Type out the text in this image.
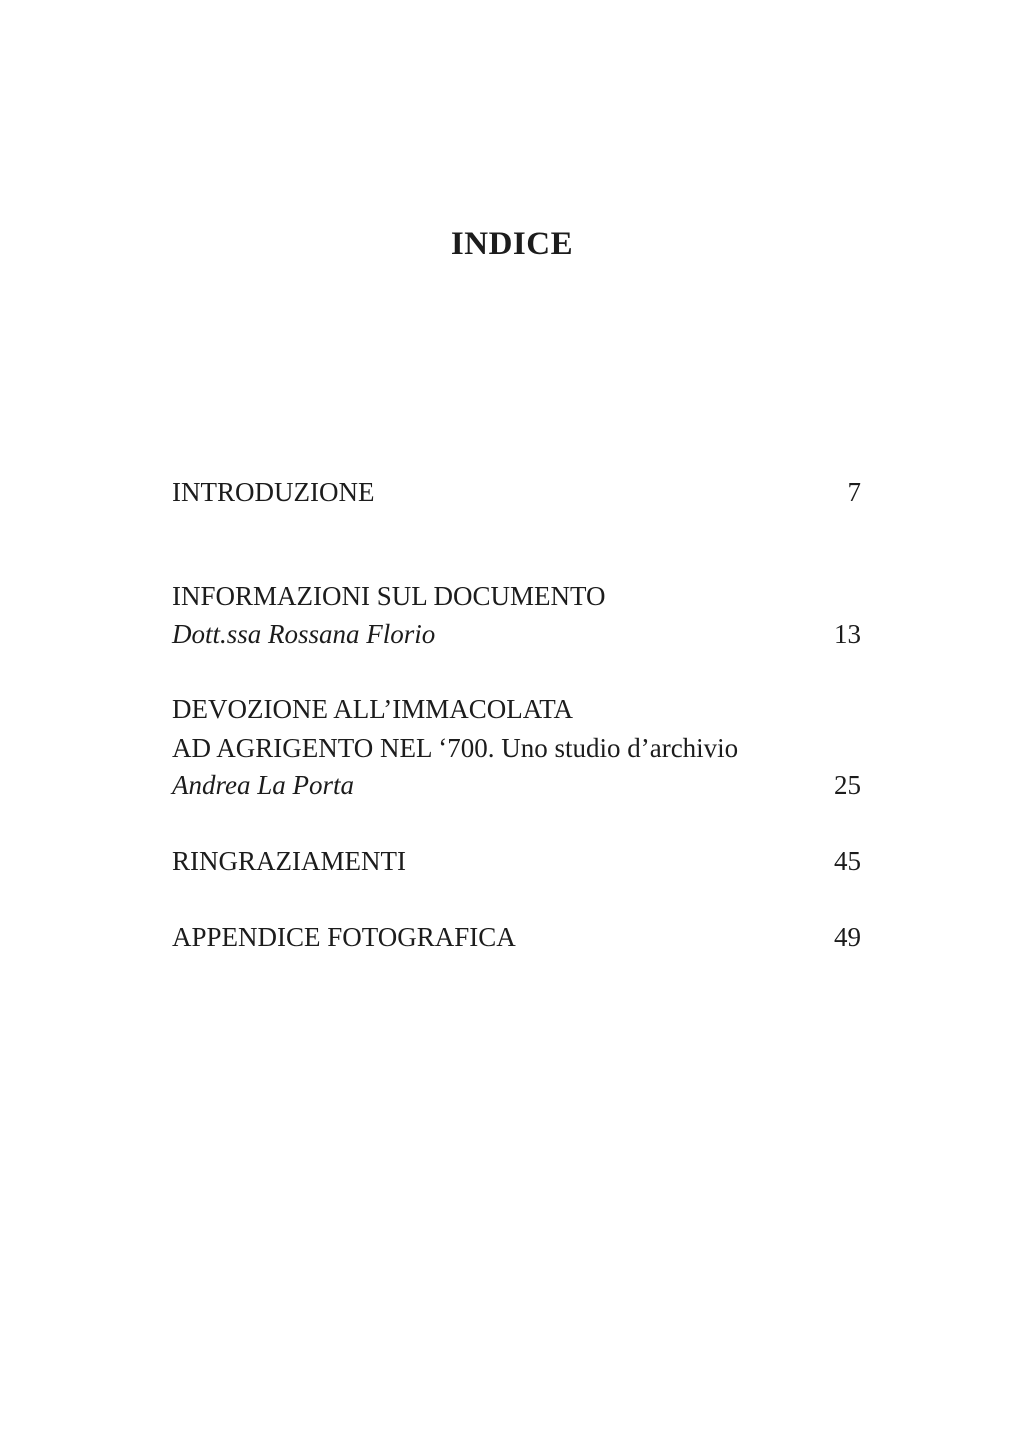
INDICE
INTRODUZIONE	7
INFORMAZIONI SUL DOCUMENTO
Dott.ssa Rossana Florio	13
DEVOZIONE ALL’IMMACOLATA
AD AGRIGENTO NEL ‘700. Uno studio d’archivio
Andrea La Porta	25
RINGRAZIAMENTI	45
APPENDICE FOTOGRAFICA	49
